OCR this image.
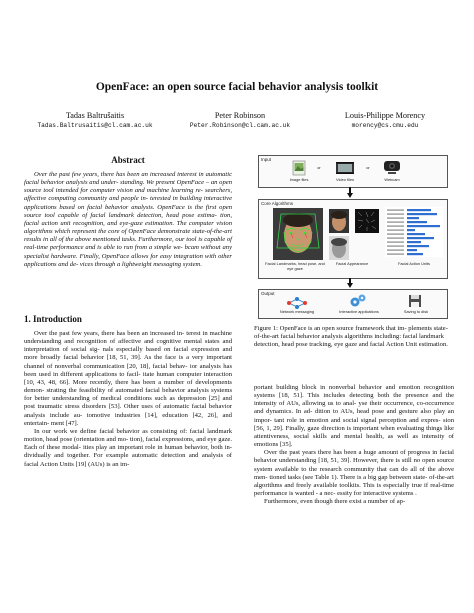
OpenFace: an open source facial behavior analysis toolkit
Tadas Baltrušaitis
Tadas.Baltrusaitis@cl.cam.ac.uk
Peter Robinson
Peter.Robinson@cl.cam.ac.uk
Louis-Philippe Morency
morency@cs.cmu.edu
Abstract

Over the past few years, there has been an increased interest in automatic facial behavior analysis and under- standing. We present OpenFace – an open source tool intended for computer vision and machine learning re- searchers, affective computing community and people in- terested in building interactive applications based on facial behavior analysis. OpenFace is the first open source tool capable of facial landmark detection, head pose estima- tion, facial action unit recognition, and eye-gaze estimation. The computer vision algorithms which represent the core of OpenFace demonstrate state-of-the-art results in all of the above mentioned tasks. Furthermore, our tool is capable of real-time performance and is able to run from a simple we- bcam without any specialist hardware. Finally, OpenFace allows for easy integration with other applications and de- vices through a lightweight messaging system.

1. Introduction

Over the past few years, there has been an increased in- terest in machine understanding and recognition of affective and cognitive mental states and interpretation of social sig- nals especially based on facial expression and more broadly facial behavior [18, 51, 39]. As the face is a very important channel of nonverbal communication [20, 18], facial behav- ior analysis has been used in different applications to facil- itate human computer interaction [10, 43, 48, 66]. More recently, there has been a number of developments demon- strating the feasibility of automated facial behavior analysis systems for better understanding of medical conditions such as depression [25] and post traumatic stress disorders [53]. Other uses of automatic facial behavior analysis include au- tomotive industries [14], education [42, 26], and entertain- ment [47].

In our work we define facial behavior as consisting of: facial landmark motion, head pose (orientation and mo- tion), facial expressions, and eye gaze. Each of these modal- ities play an important role in human behavior, both in- dividually and together. For example automatic detection and analysis of facial Action Units [19] (AUs) is an im-

Input
Image files
or
Video files
or
Webcam
Core Algorithms
Facial Landmarks, head pose, and eye gaze
Facial Appearance	Facial Action Units
Output
Network messaging	Interactive applications	Saving to disk
Figure 1: OpenFace is an open source framework that im- plements state-of-the-art facial behavior analysis algorithms including: facial landmark detection, head pose tracking, eye gaze and facial Action Unit estimation.

portant building block in nonverbal behavior and emotion recognition systems [18, 51]. This includes detecting both the presence and the intensity of AUs, allowing us to anal- yse their occurrence, co-occurrence and dynamics. In ad- dition to AUs, head pose and gesture also play an impor- tant role in emotion and social signal perception and expres- sion [56, 1, 29]. Finally, gaze direction is important when evaluating things like attentiveness, social skills and mental health, as well as intensity of emotions [35].

Over the past years there has been a huge amount of progress in facial behavior understanding [18, 51, 39]. However, there is still no open source system available to the research community that can do all of the above men- tioned tasks (see Table 1). There is a big gap between state- of-the-art algorithms and freely available toolkits. This is especially true if real-time performance is wanted - a nec- essity for interactive systems .

Furthermore, even though there exist a number of ap-
